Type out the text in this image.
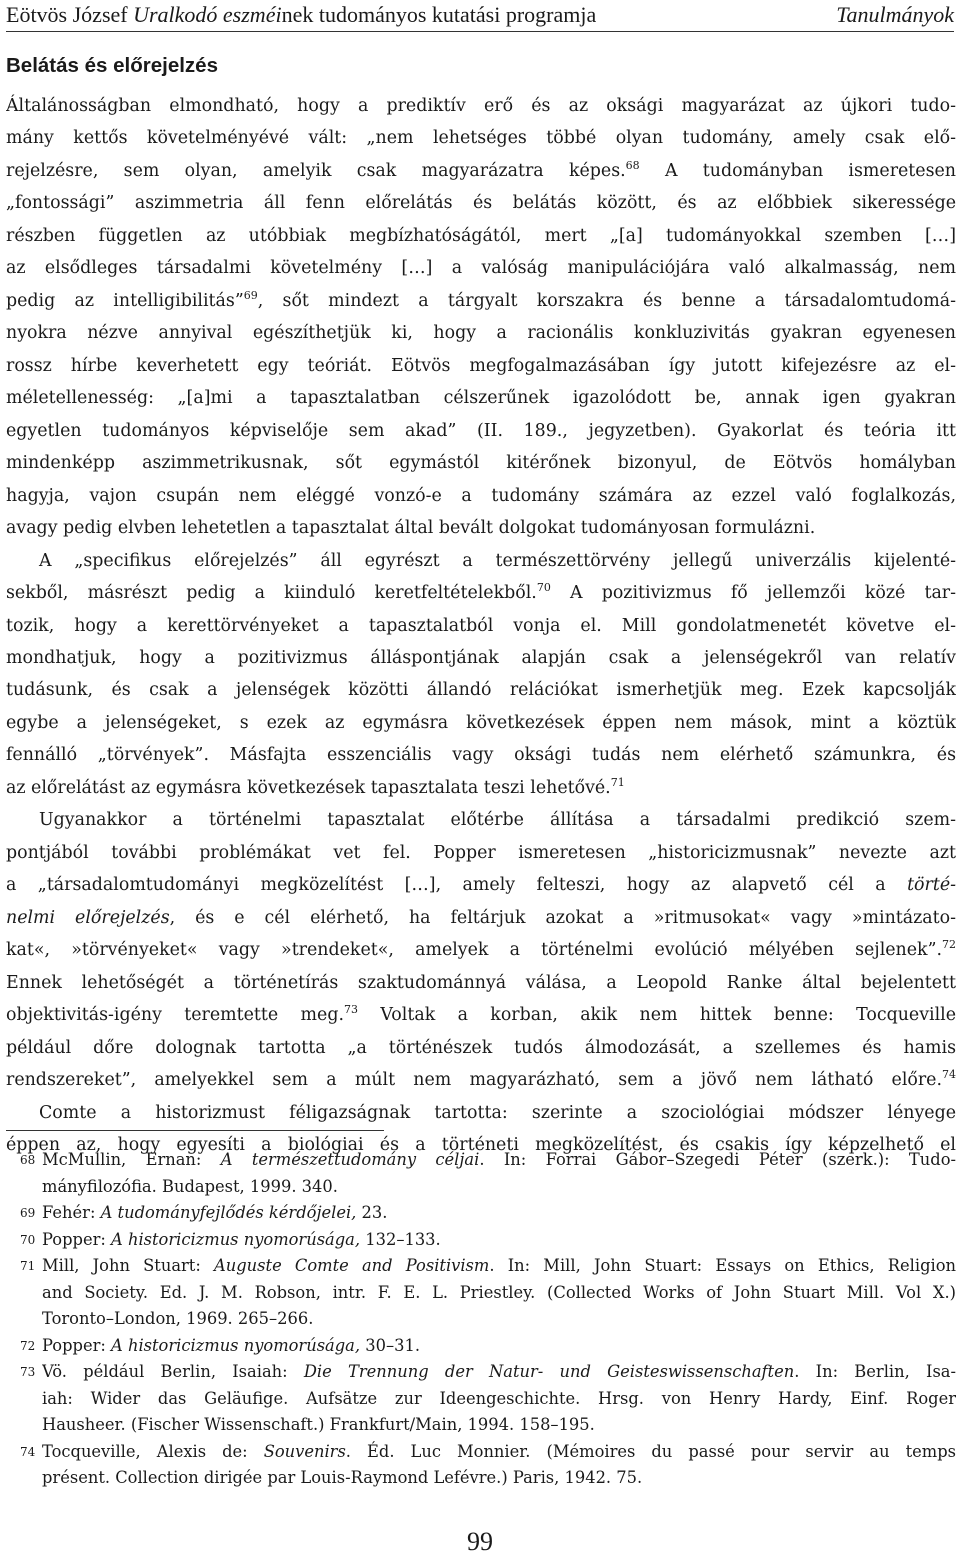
Eötvös József Uralkodó eszméinek tudományos kutatási programja	Tanulmányok
Belátás és előrejelzés
Általánosságban elmondható, hogy a prediktív erő és az oksági magyarázat az újkori tudo-
mány kettős követelményévé vált: „nem lehetséges többé olyan tudomány, amely csak elő-
rejelzésre, sem olyan, amelyik csak magyarázatra képes.$^{68}$ A tudományban ismeretesen
„fontossági” aszimmetria áll fenn előrelátás és belátás között, és az előbbiek sikeressége
részben független az utóbbiak megbízhatóságától, mert „[a] tudományokkal szemben […]
az elsődleges társadalmi követelmény […] a valóság manipulációjára való alkalmasság, nem
pedig az intelligibilitás”$^{69}$, sőt mindezt a tárgyalt korszakra és benne a társadalomtudomá-
nyokra nézve annyival egészíthetjük ki, hogy a racionális konkluzivitás gyakran egyenesen
rossz hírbe keverhetett egy teóriát. Eötvös megfogalmazásában így jutott kifejezésre az el-
méletellenesség: „[a]mi a tapasztalatban célszerűnek igazolódott be, annak igen gyakran
egyetlen tudományos képviselője sem akad” (II. 189., jegyzetben). Gyakorlat és teória itt
mindenképp aszimmetrikusnak, sőt egymástól kitérőnek bizonyul, de Eötvös homályban
hagyja, vajon csupán nem eléggé vonzó-e a tudomány számára az ezzel való foglalkozás,
avagy pedig elvben lehetetlen a tapasztalat által bevált dolgokat tudományosan formulázni.
A „specifikus előrejelzés” áll egyrészt a természettörvény jellegű univerzális kijelenté-
sekből, másrészt pedig a kiinduló keretfeltételekből.$^{70}$ A pozitivizmus fő jellemzői közé tar-
tozik, hogy a kerettörvényeket a tapasztalatból vonja el. Mill gondolatmenetét követve el-
mondhatjuk, hogy a pozitivizmus álláspontjának alapján csak a jelenségekről van relatív
tudásunk, és csak a jelenségek közötti állandó relációkat ismerhetjük meg. Ezek kapcsolják
egybe a jelenségeket, s ezek az egymásra következések éppen nem mások, mint a köztük
fennálló „törvények”. Másfajta esszenciális vagy oksági tudás nem elérhető számunkra, és
az előrelátást az egymásra következések tapasztalata teszi lehetővé.$^{71}$
Ugyanakkor a történelmi tapasztalat előtérbe állítása a társadalmi predikció szem-
pontjából további problémákat vet fel. Popper ismeretesen „historicizmusnak” nevezte azt
a „társadalomtudományi megközelítést […], amely felteszi, hogy az alapvető cél a törté-
nelmi előrejelzés, és e cél elérhető, ha feltárjuk azokat a »ritmusokat« vagy »mintázato-
kat«, »törvényeket« vagy »trendeket«, amelyek a történelmi evolúció mélyében sejlenek”.$^{72}$
Ennek lehetőségét a történetírás szaktudománnyá válása, a Leopold Ranke által bejelentett
objektivitás-igény teremtette meg.$^{73}$ Voltak a korban, akik nem hittek benne: Tocqueville
például dőre dolognak tartotta „a történészek tudós álmodozását, a szellemes és hamis
rendszereket”, amelyekkel sem a múlt nem magyarázható, sem a jövő nem látható előre.$^{74}$
Comte a historizmust féligazságnak tartotta: szerinte a szociológiai módszer lényege
éppen az, hogy egyesíti a biológiai és a történeti megközelítést, és csakis így képzelhető el
68 McMullin, Ernan: A természettudomány céljai. In: Forrai Gábor–Szegedi Péter (szerk.): Tudo-
mányfilozófia. Budapest, 1999. 340.
69 Fehér: A tudományfejlődés kérdőjelei, 23.
70 Popper: A historicizmus nyomorúsága, 132–133.
71 Mill, John Stuart: Auguste Comte and Positivism. In: Mill, John Stuart: Essays on Ethics, Religion
and Society. Ed. J. M. Robson, intr. F. E. L. Priestley. (Collected Works of John Stuart Mill. Vol X.)
Toronto–London, 1969. 265–266.
72 Popper: A historicizmus nyomorúsága, 30–31.
73 Vö. például Berlin, Isaiah: Die Trennung der Natur- und Geisteswissenschaften. In: Berlin, Isa-
iah: Wider das Geläufige. Aufsätze zur Ideengeschichte. Hrsg. von Henry Hardy, Einf. Roger
Hausheer. (Fischer Wissenschaft.) Frankfurt/Main, 1994. 158–195.
74 Tocqueville, Alexis de: Souvenirs. Éd. Luc Monnier. (Mémoires du passé pour servir au temps
présent. Collection dirigée par Louis-Raymond Lefévre.) Paris, 1942. 75.
99
